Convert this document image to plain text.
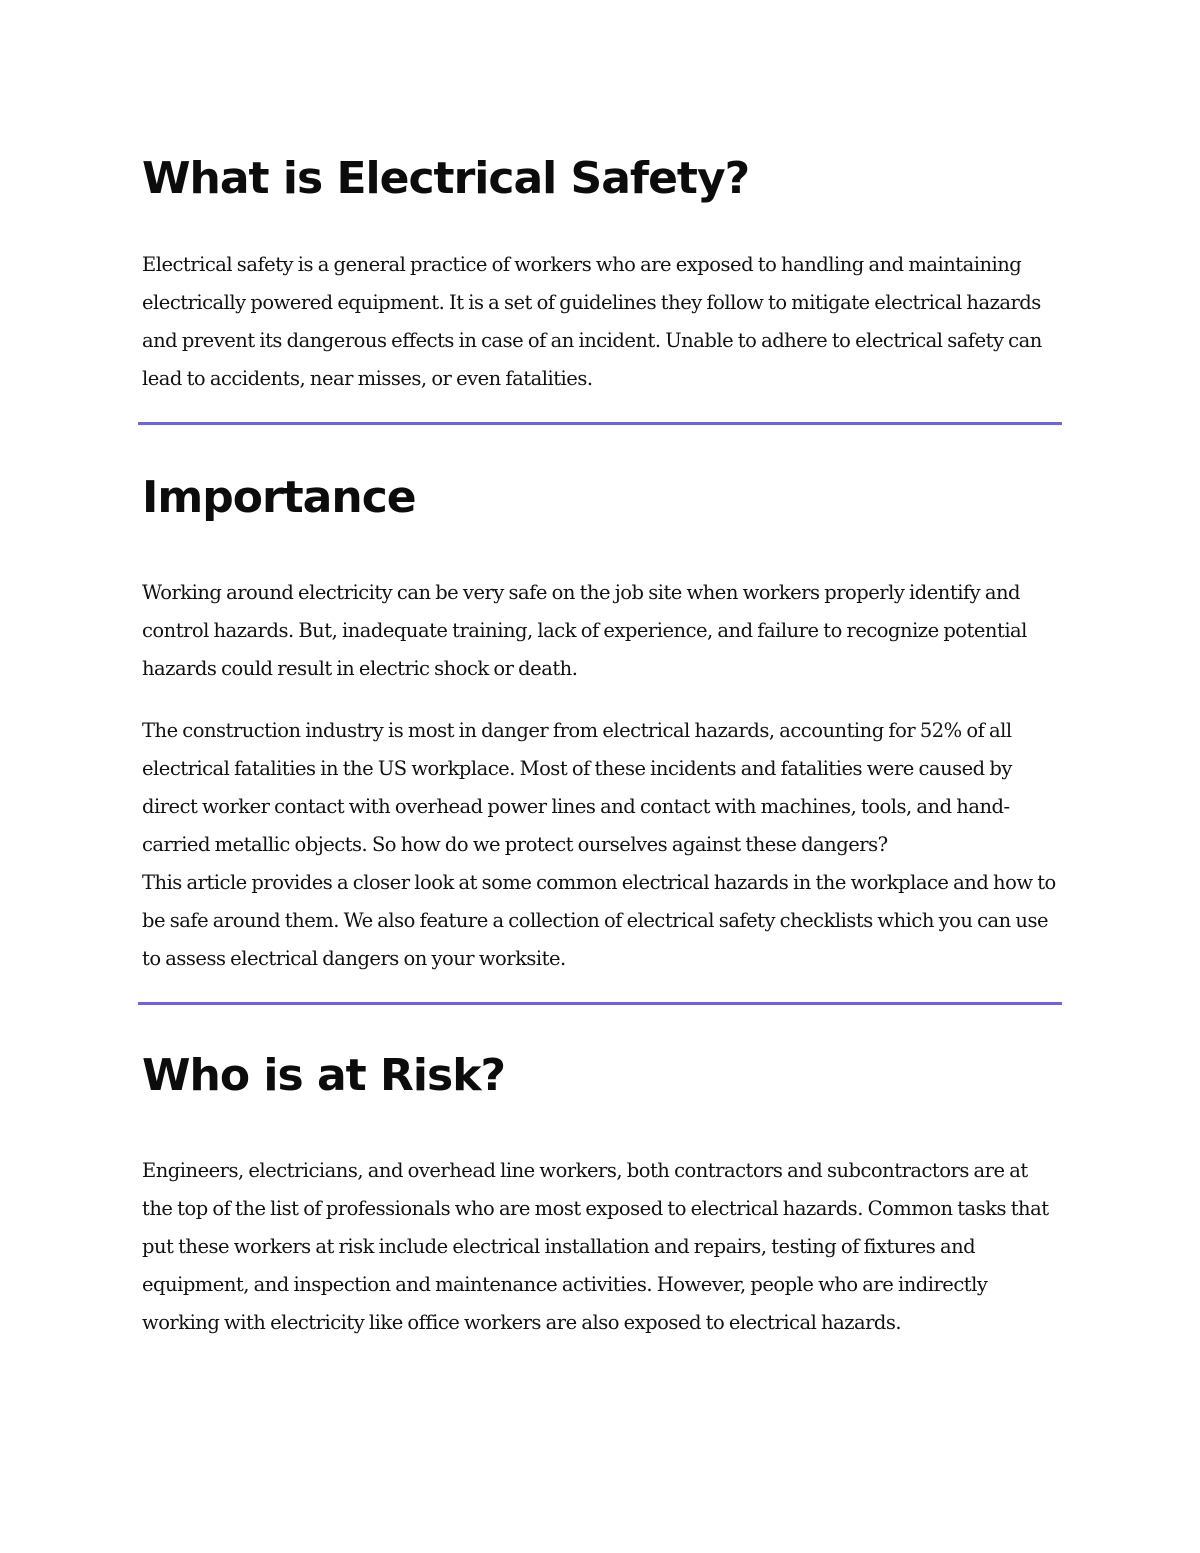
What is Electrical Safety?

Electrical safety is a general practice of workers who are exposed to handling and maintaining electrically powered equipment. It is a set of guidelines they follow to mitigate electrical hazards and prevent its dangerous effects in case of an incident. Unable to adhere to electrical safety can lead to accidents, near misses, or even fatalities.

Importance

Working around electricity can be very safe on the job site when workers properly identify and control hazards. But, inadequate training, lack of experience, and failure to recognize potential hazards could result in electric shock or death.

The construction industry is most in danger from electrical hazards, accounting for 52% of all electrical fatalities in the US workplace. Most of these incidents and fatalities were caused by direct worker contact with overhead power lines and contact with machines, tools, and hand-carried metallic objects. So how do we protect ourselves against these dangers?

This article provides a closer look at some common electrical hazards in the workplace and how to be safe around them. We also feature a collection of electrical safety checklists which you can use to assess electrical dangers on your worksite.

Who is at Risk?

Engineers, electricians, and overhead line workers, both contractors and subcontractors are at the top of the list of professionals who are most exposed to electrical hazards. Common tasks that put these workers at risk include electrical installation and repairs, testing of fixtures and equipment, and inspection and maintenance activities. However, people who are indirectly working with electricity like office workers are also exposed to electrical hazards.
